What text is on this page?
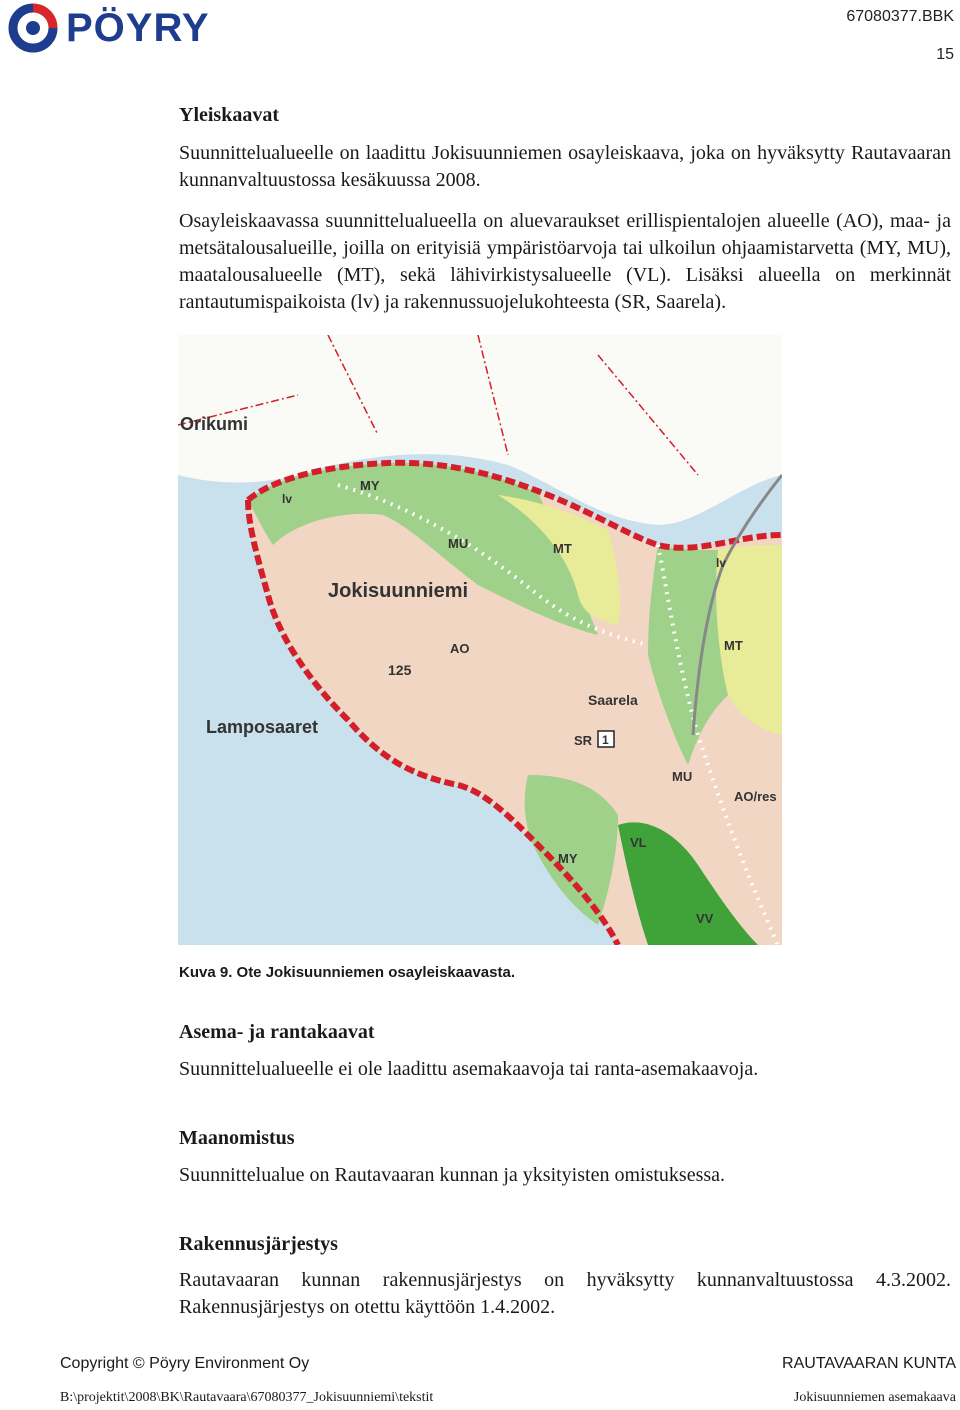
PÖYRY	67080377.BBK
15
Yleiskaavat

Suunnittelualueelle on laadittu Jokisuunniemen osayleiskaava, joka on hyväksytty Rautavaaran kunnanvaltuustossa kesäkuussa 2008.

Osayleiskaavassa suunnittelualueella on aluevaraukset erillispientalojen alueelle (AO), maa- ja metsätalousalueille, joilla on erityisiä ympäristöarvoja tai ulkoilun ohjaamistarvetta (MY, MU), maatalousalueelle (MT), sekä lähivirkistysalueelle (VL). Lisäksi alueella on merkinnät rantautumispaikoista (lv) ja rakennussuojelukohteesta (SR, Saarela).

Orikumi
Jokisuunniemi
Lamposaaret
Saarela
MY
MU	MT
AO
SR 1
MT
MU
AO/res
MY
VL
VV
lv
lv
125
Kuva 9. Ote Jokisuunniemen osayleiskaavasta.
Asema- ja rantakaavat

Suunnittelualueelle ei ole laadittu asemakaavoja tai ranta-asemakaavoja.

Maanomistus

Suunnittelualue on Rautavaaran kunnan ja yksityisten omistuksessa.

Rakennusjärjestys

Rautavaaran kunnan rakennusjärjestys on hyväksytty kunnanvaltuustossa 4.3.2002. Rakennusjärjestys on otettu käyttöön 1.4.2002.

Copyright © Pöyry Environment Oy	RAUTAVAARAN KUNTA
B:\projektit\2008\BK\Rautavaara\67080377_Jokisuunniemi\tekstit	Jokisuunniemen asemakaava
